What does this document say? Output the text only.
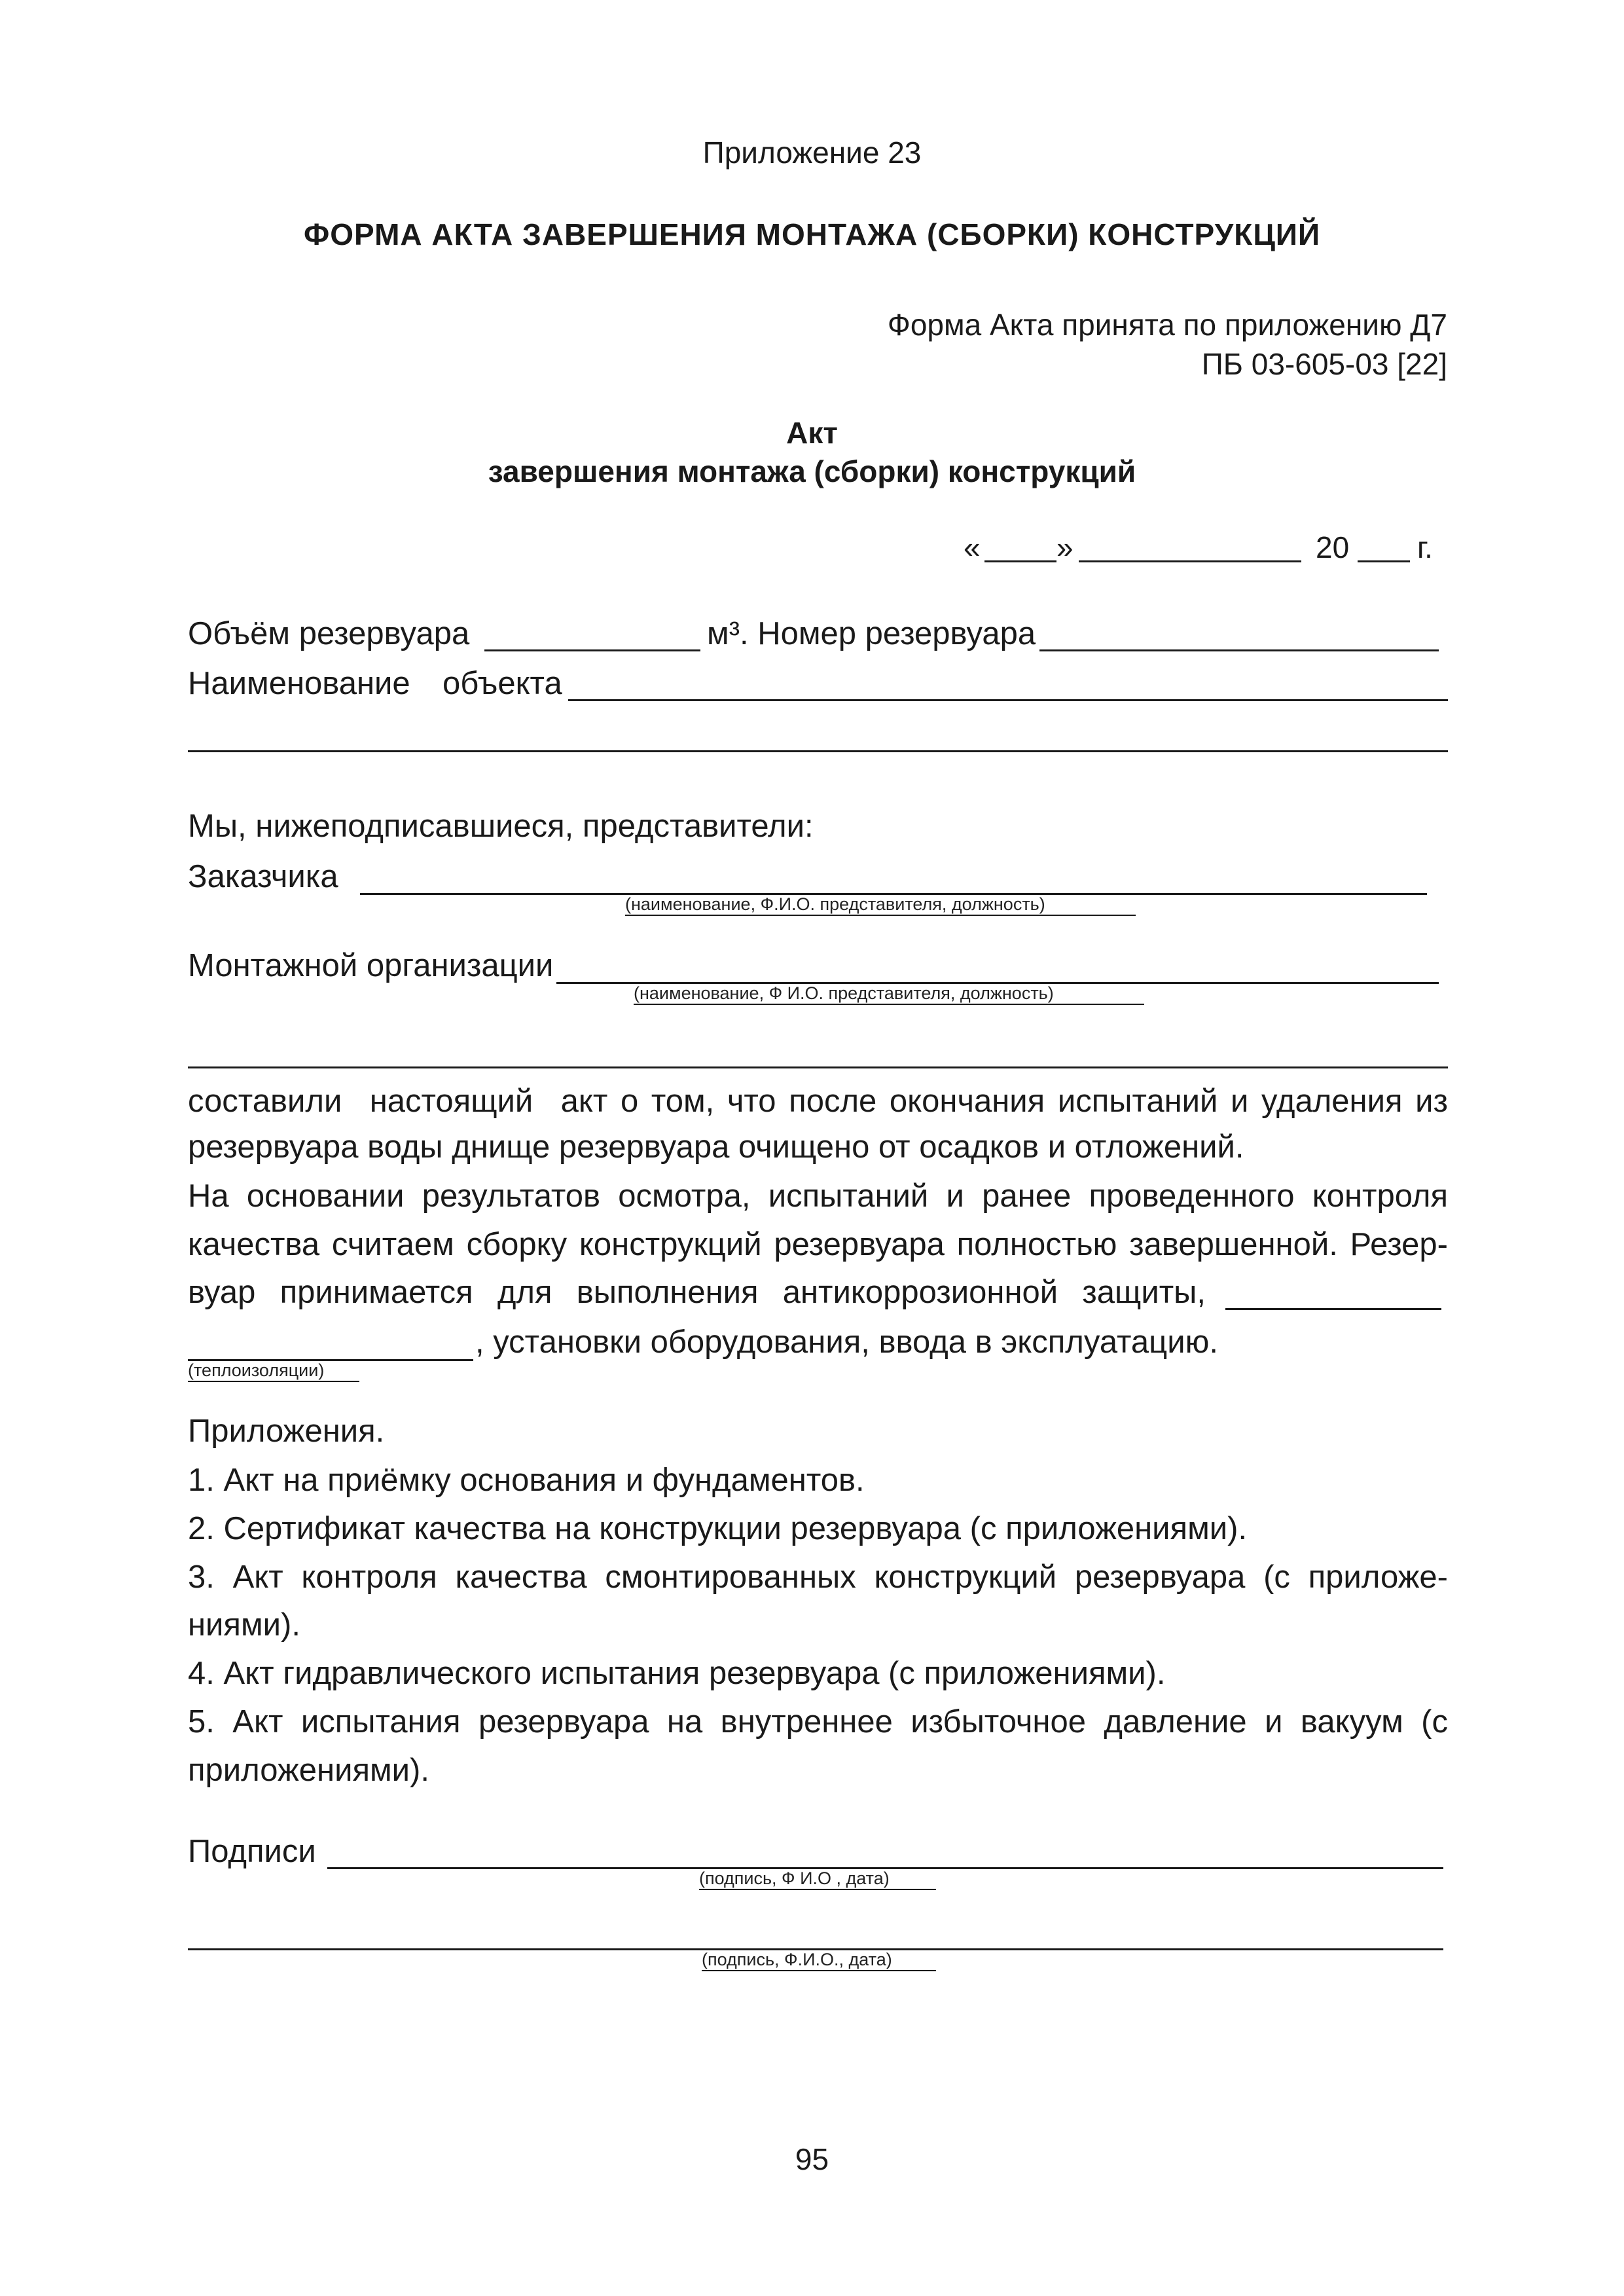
Приложение 23
ФОРМА АКТА ЗАВЕРШЕНИЯ МОНТАЖА (СБОРКИ) КОНСТРУКЦИЙ
Форма Акта принята по приложению Д7
ПБ 03-605-03 [22]
Акт
завершения монтажа (сборки) конструкций
«	»	20 г.
Объём резервуара	м³. Номер резервуара
Наименование объекта
Мы, нижеподписавшиеся, представители:
Заказчика
(наименование, Ф.И.О. представителя, должность)
Монтажной организации
(наименование, Ф И.О. представителя, должность)
составили настоящий акт о том, что после окончания испытаний и удаления из
резервуара воды днище резервуара очищено от осадков и отложений.
На основании результатов осмотра, испытаний и ранее проведенного контроля
качества считаем сборку конструкций резервуара полностью завершенной. Резер-
вуар принимается для выполнения антикоррозионной защиты,
, установки оборудования, ввода в эксплуатацию.
(теплоизоляции)
Приложения.
1. Акт на приёмку основания и фундаментов.
2. Сертификат качества на конструкции резервуара (с приложениями).
3. Акт контроля качества смонтированных конструкций резервуара (с приложе-
ниями).
4. Акт гидравлического испытания резервуара (с приложениями).
5. Акт испытания резервуара на внутреннее избыточное давление и вакуум (с
приложениями).
Подписи
(подпись, Ф И.О , дата)
(подпись, Ф.И.О., дата)
95
